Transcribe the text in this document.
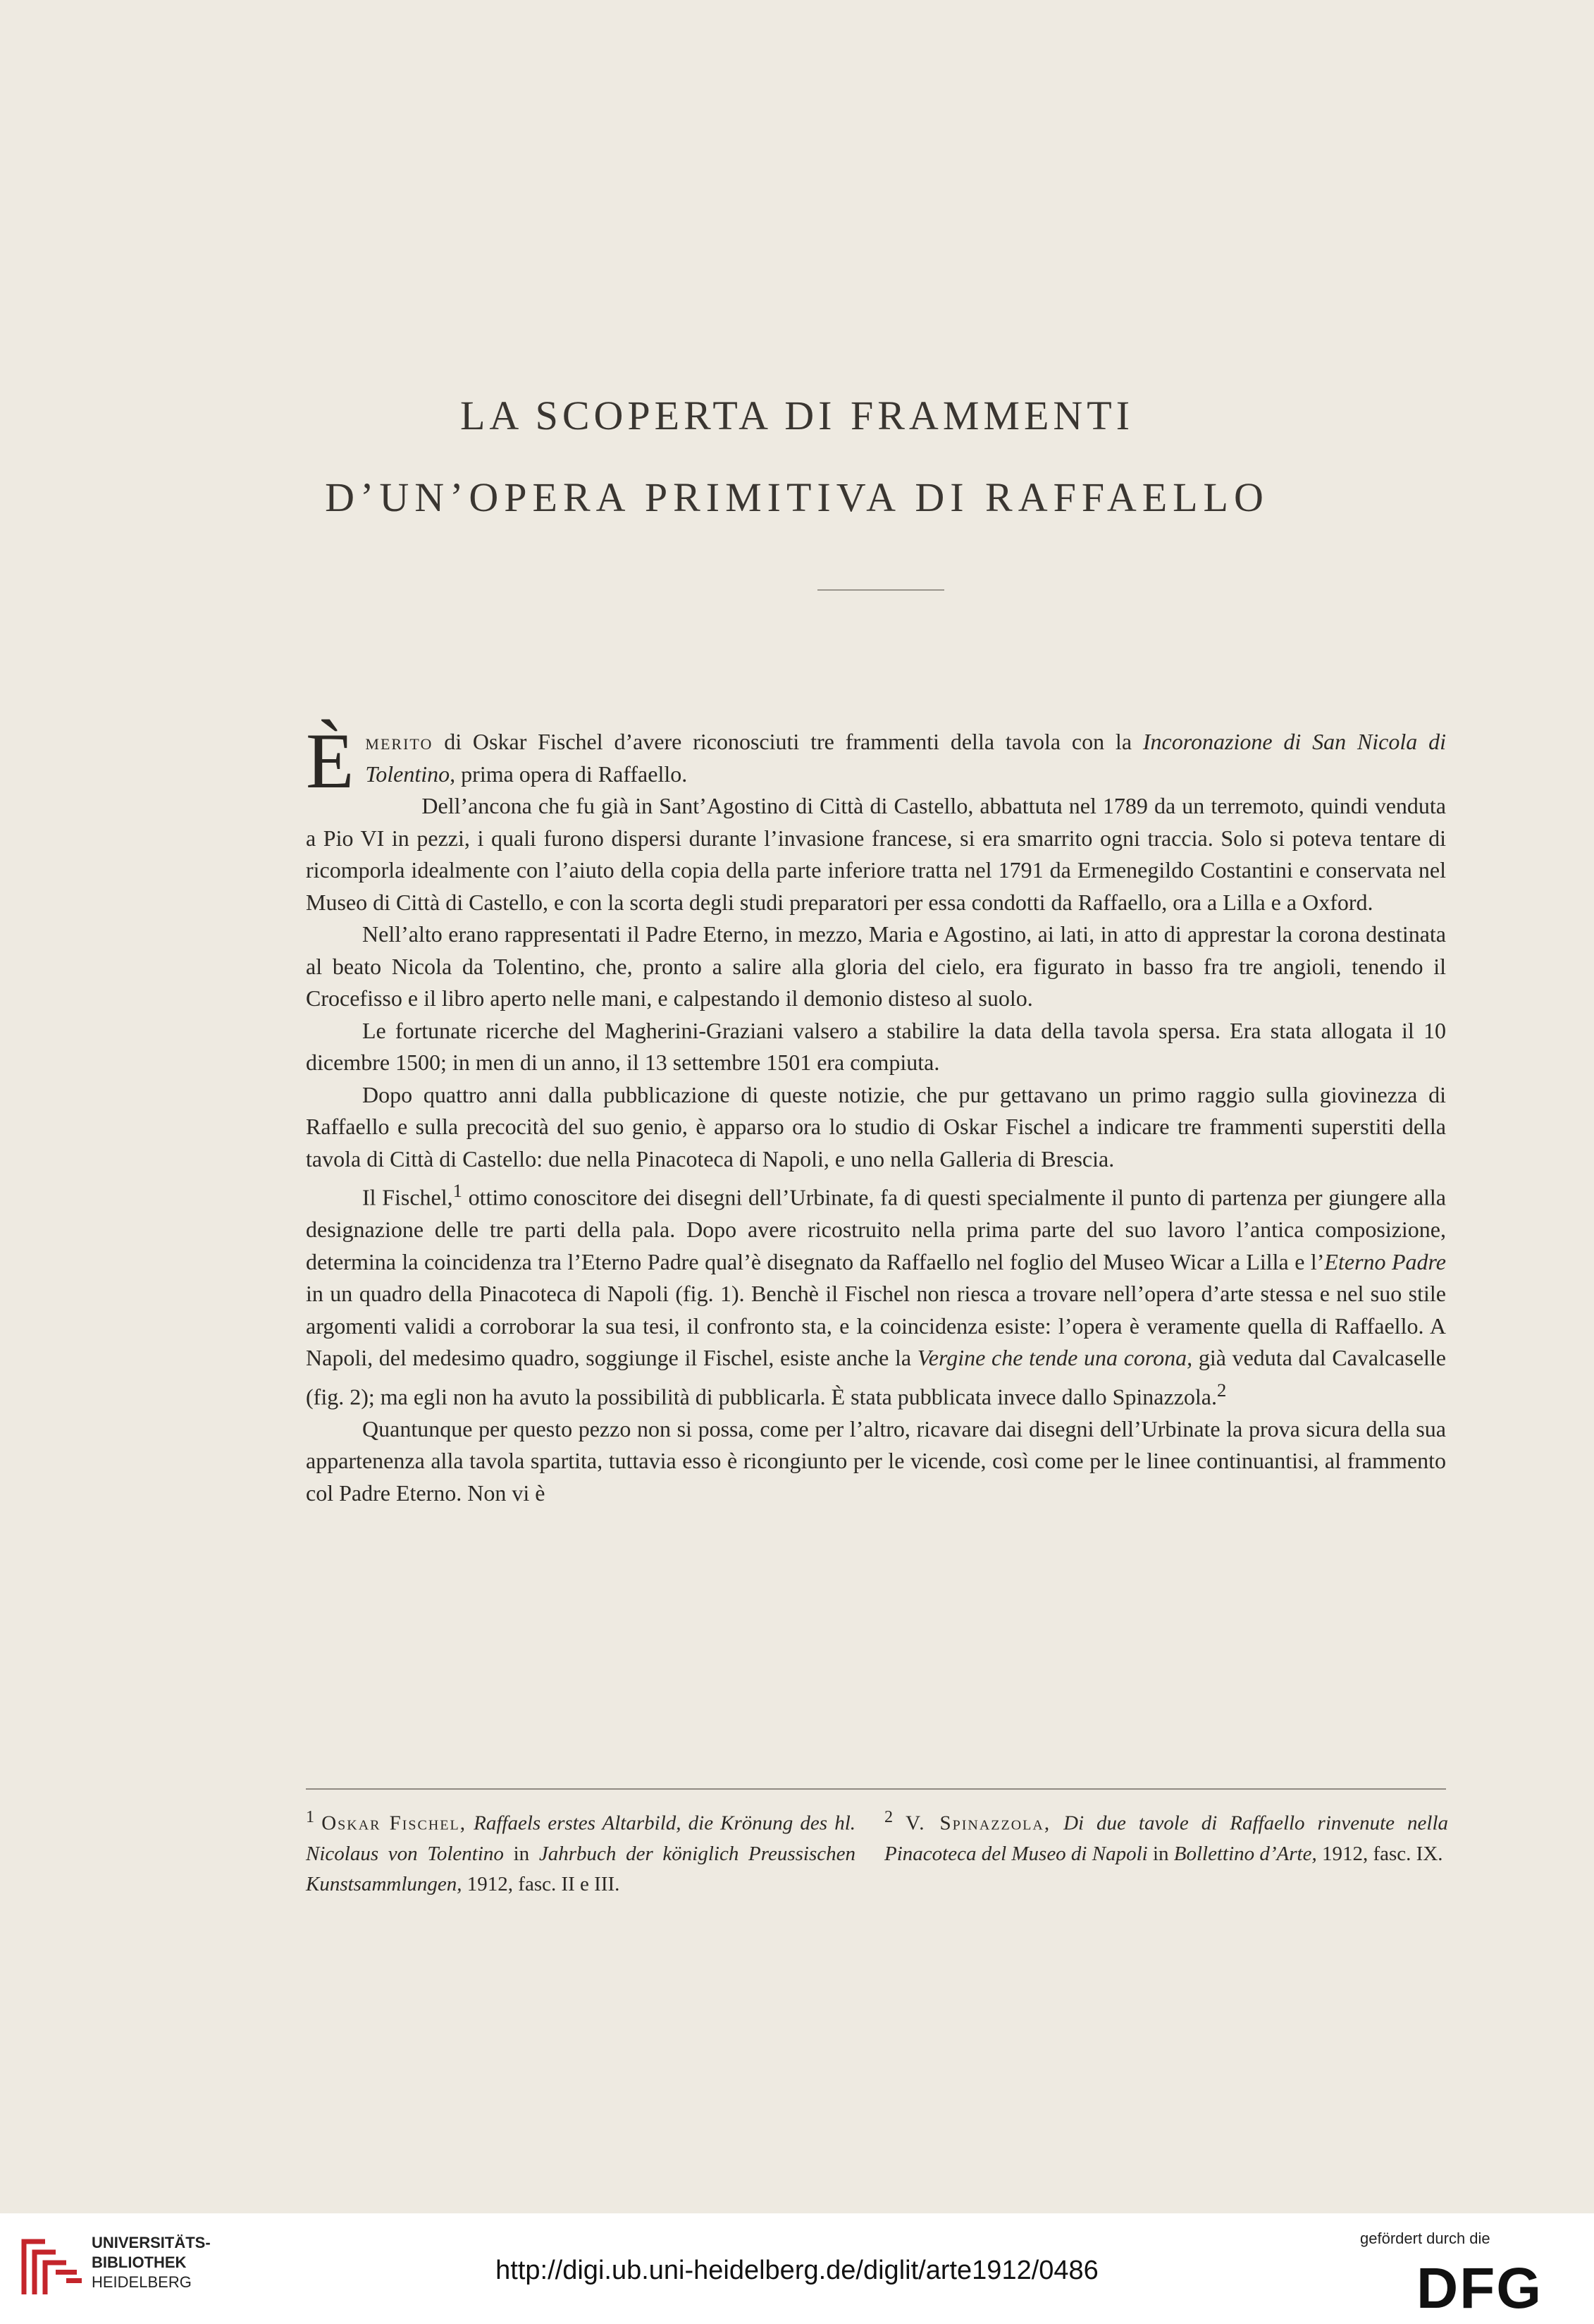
LA SCOPERTA DI FRAMMENTI
D’UN’OPERA PRIMITIVA DI RAFFAELLO

Èmerito di Oskar Fischel d’avere riconosciuti tre frammenti della tavola con la Incoronazione di San Nicola di Tolentino, prima opera di Raffaello.

Dell’ancona che fu già in Sant’Agostino di Città di Castello, abbattuta nel 1789 da un terremoto, quindi venduta a Pio VI in pezzi, i quali furono dispersi durante l’invasione francese, si era smarrito ogni traccia. Solo si poteva tentare di ricomporla idealmente con l’aiuto della copia della parte inferiore tratta nel 1791 da Ermenegildo Costantini e conservata nel Museo di Città di Castello, e con la scorta degli studi preparatori per essa condotti da Raffaello, ora a Lilla e a Oxford.

Nell’alto erano rappresentati il Padre Eterno, in mezzo, Maria e Agostino, ai lati, in atto di apprestar la corona destinata al beato Nicola da Tolentino, che, pronto a salire alla gloria del cielo, era figurato in basso fra tre angioli, tenendo il Crocefisso e il libro aperto nelle mani, e calpestando il demonio disteso al suolo.

Le fortunate ricerche del Magherini-Graziani valsero a stabilire la data della tavola spersa. Era stata allogata il 10 dicembre 1500; in men di un anno, il 13 settembre 1501 era compiuta.

Dopo quattro anni dalla pubblicazione di queste notizie, che pur gettavano un primo raggio sulla giovinezza di Raffaello e sulla precocità del suo genio, è apparso ora lo studio di Oskar Fischel a indicare tre frammenti superstiti della tavola di Città di Castello: due nella Pinacoteca di Napoli, e uno nella Galleria di Brescia.

Il Fischel,$^1$ ottimo conoscitore dei disegni dell’Urbinate, fa di questi specialmente il punto di partenza per giungere alla designazione delle tre parti della pala. Dopo avere ricostruito nella prima parte del suo lavoro l’antica composizione, determina la coincidenza tra l’Eterno Padre qual’è disegnato da Raffaello nel foglio del Museo Wicar a Lilla e l’Eterno Padre in un quadro della Pinacoteca di Napoli (fig. 1). Benchè il Fischel non riesca a trovare nell’opera d’arte stessa e nel suo stile argomenti validi a corroborar la sua tesi, il confronto sta, e la coincidenza esiste: l’opera è veramente quella di Raffaello. A Napoli, del medesimo quadro, soggiunge il Fischel, esiste anche la Vergine che tende una corona, già veduta dal Cavalcaselle (fig. 2); ma egli non ha avuto la possibilità di pubblicarla. È stata pubblicata invece dallo Spinazzola.$^2$

Quantunque per questo pezzo non si possa, come per l’altro, ricavare dai disegni dell’Urbinate la prova sicura della sua appartenenza alla tavola spartita, tuttavia esso è ricongiunto per le vicende, così come per le linee continuantisi, al frammento col Padre Eterno. Non vi è

$^1$ Oskar Fischel, Raffaels erstes Altarbild, die Krönung des hl. Nicolaus von Tolentino in Jahrbuch der königlich Preussischen Kunstsammlungen, 1912, fasc. II e III.
$^2$ V. Spinazzola, Di due tavole di Raffaello rinvenute nella Pinacoteca del Museo di Napoli in Bollettino d’Arte, 1912, fasc. IX.
UNIVERSITÄTS-
BIBLIOTHEK
HEIDELBERG	http://digi.ub.uni-heidelberg.de/diglit/arte1912/0486
gefördert durch die
DFG
